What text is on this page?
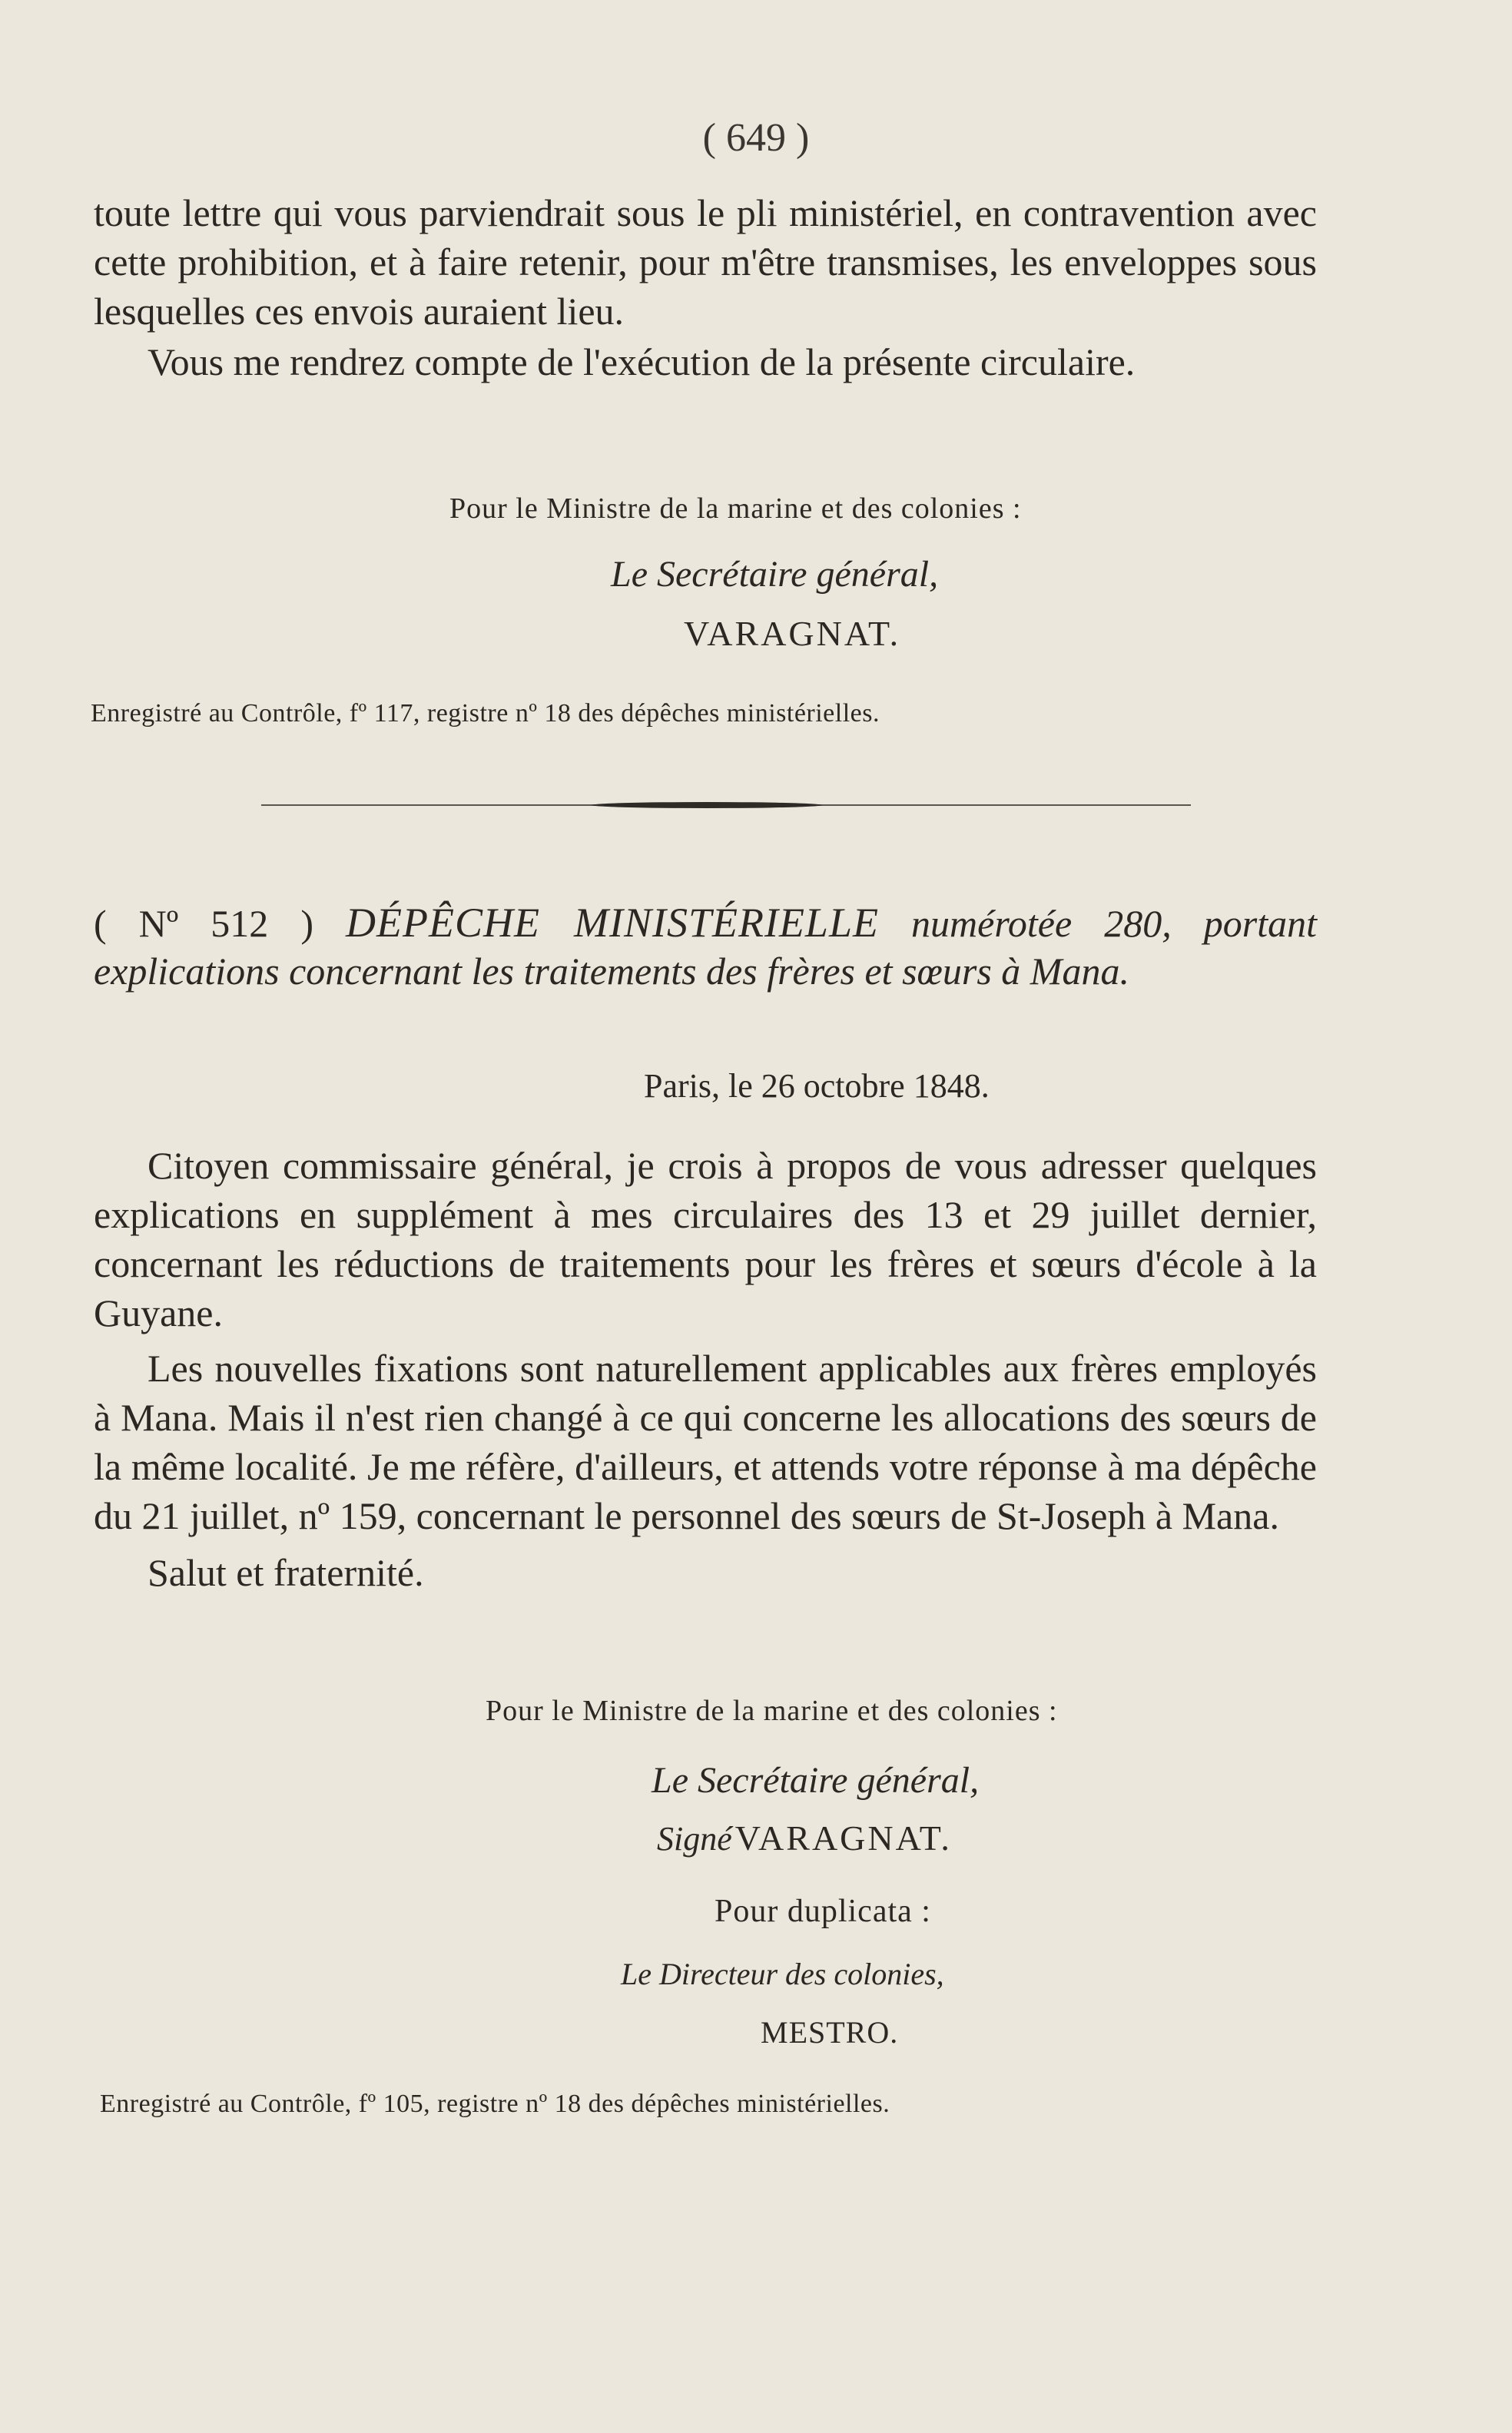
( 649 )

toute lettre qui vous parviendrait sous le pli ministériel, en contravention avec cette prohibition, et à faire retenir, pour m'être transmises, les enveloppes sous lesquelles ces envois auraient lieu.

Vous me rendrez compte de l'exécution de la présente circulaire.

Pour le Ministre de la marine et des colonies :
Le Secrétaire général,
VARAGNAT.
Enregistré au Contrôle, fº 117, registre nº 18 des dépêches ministérielles.

( Nº 512 ) DÉPÊCHE MINISTÉRIELLE numérotée 280, portant explications concernant les traitements des frères et sœurs à Mana.

Paris, le 26 octobre 1848.

Citoyen commissaire général, je crois à propos de vous adresser quelques explications en supplément à mes circulaires des 13 et 29 juillet dernier, concernant les réductions de traitements pour les frères et sœurs d'école à la Guyane.

Les nouvelles fixations sont naturellement applicables aux frères employés à Mana. Mais il n'est rien changé à ce qui concerne les allocations des sœurs de la même localité. Je me réfère, d'ailleurs, et attends votre réponse à ma dépêche du 21 juillet, nº 159, concernant le personnel des sœurs de St-Joseph à Mana.

Salut et fraternité.

Pour le Ministre de la marine et des colonies :
Le Secrétaire général,
Signé VARAGNAT.
Pour duplicata :
Le Directeur des colonies,
MESTRO.
Enregistré au Contrôle, fº 105, registre nº 18 des dépêches ministérielles.
